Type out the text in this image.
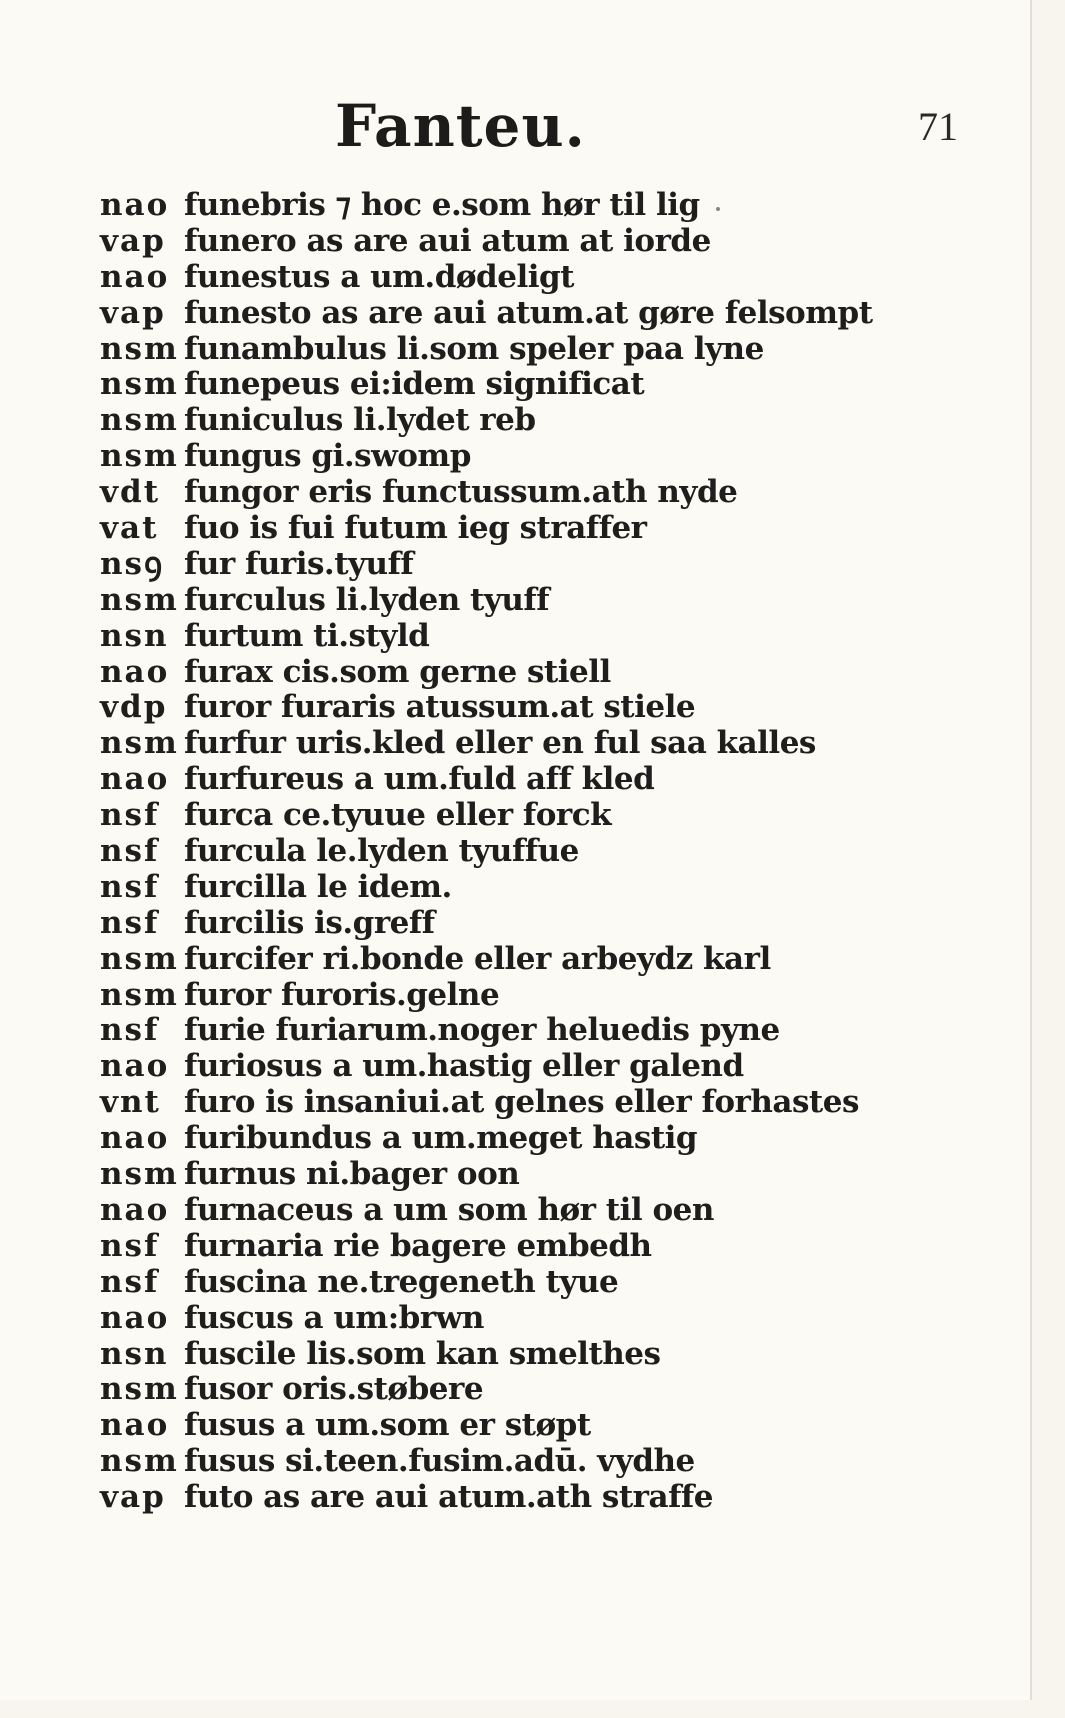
Fanteu.	71
nao funebris ⁊ hoc e.som hør til lig
vap funero as are aui atum at iorde
nao funestus a um.dødeligt
vap funesto as are aui atum.at gøre felsompt
nsm funambulus li.som speler paa lyne
nsm funepeus ei:idem significat
nsm funiculus li.lydet reb
nsm fungus gi.swomp
vdt fungor eris functussum.ath nyde
vat fuo is fui futum ieg straffer
nsꝯ fur furis.tyuff
nsm furculus li.lyden tyuff
nsn furtum ti.styld
nao furax cis.som gerne stiell
vdp furor furaris atussum.at stiele
nsm furfur uris.kled eller en ful saa kalles
nao furfureus a um.fuld aff kled
nsf furca ce.tyuue eller forck
nsf furcula le.lyden tyuffue
nsf furcilla le idem.
nsf furcilis is.greff
nsm furcifer ri.bonde eller arbeydz karl
nsm furor furoris.gelne
nsf furie furiarum.noger heluedis pyne
nao furiosus a um.hastig eller galend
vnt furo is insaniui.at gelnes eller forhastes
nao furibundus a um.meget hastig
nsm furnus ni.bager oon
nao furnaceus a um som hør til oen
nsf furnaria rie bagere embedh
nsf fuscina ne.tregeneth tyue
nao fuscus a um:brwn
nsn fuscile lis.som kan smelthes
nsm fusor oris.støbere
nao fusus a um.som er støpt
nsm fusus si.teen.fusim.adū. vydhe
vap futo as are aui atum.ath straffe
